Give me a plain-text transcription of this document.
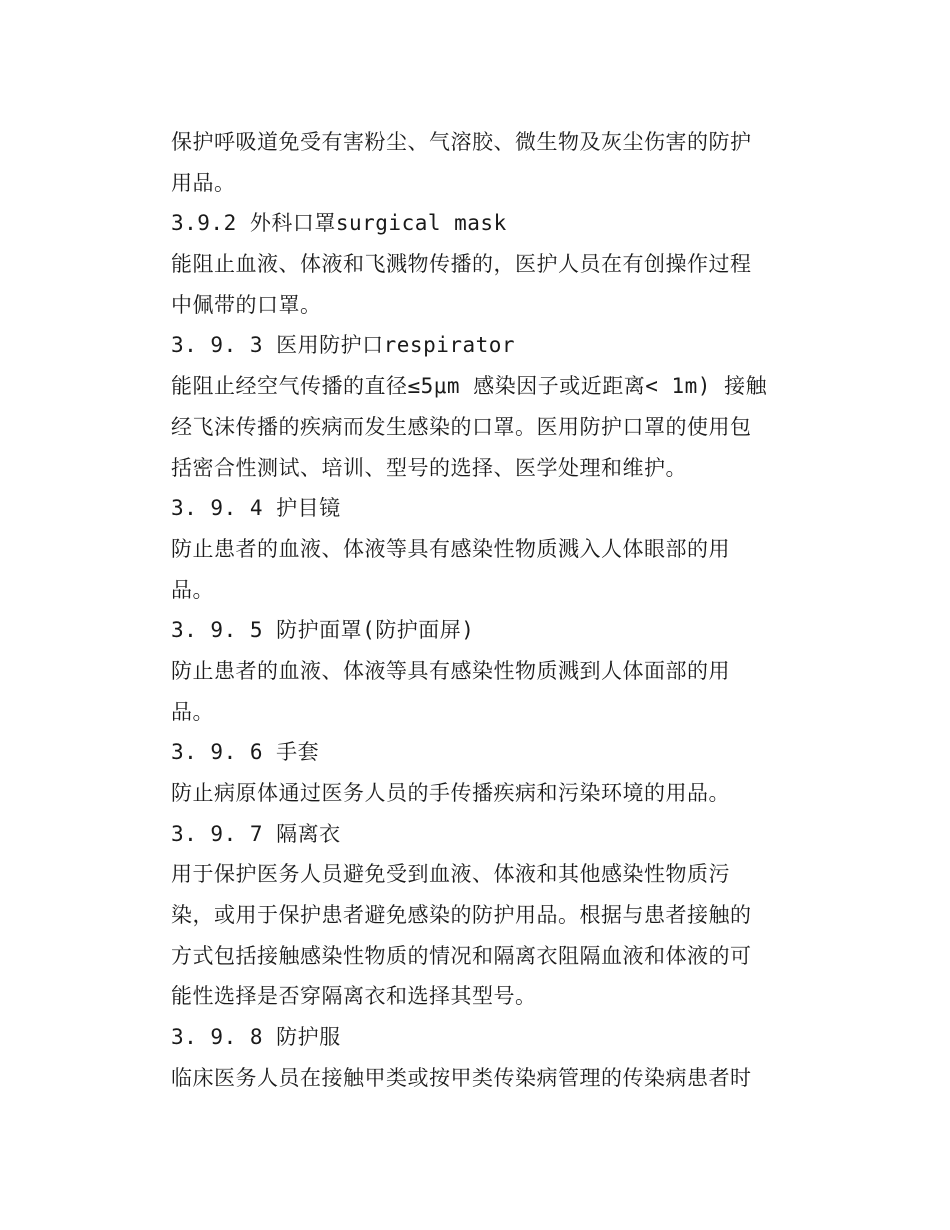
保护呼吸道免受有害粉尘、气溶胶、微生物及灰尘伤害的防护
用品。
3.9.2 外科口罩surgical mask
能阻止血液、体液和飞溅物传播的，医护人员在有创操作过程
中佩带的口罩。
3. 9. 3 医用防护口respirator
能阻止经空气传播的直径≤5μm 感染因子或近距离< 1m) 接触
经飞沫传播的疾病而发生感染的口罩。医用防护口罩的使用包
括密合性测试、培训、型号的选择、医学处理和维护。
3. 9. 4 护目镜
防止患者的血液、体液等具有感染性物质溅入人体眼部的用
品。
3. 9. 5 防护面罩(防护面屏)
防止患者的血液、体液等具有感染性物质溅到人体面部的用
品。
3. 9. 6 手套
防止病原体通过医务人员的手传播疾病和污染环境的用品。
3. 9. 7 隔离衣
用于保护医务人员避免受到血液、体液和其他感染性物质污
染，或用于保护患者避免感染的防护用品。根据与患者接触的
方式包括接触感染性物质的情况和隔离衣阻隔血液和体液的可
能性选择是否穿隔离衣和选择其型号。
3. 9. 8 防护服
临床医务人员在接触甲类或按甲类传染病管理的传染病患者时
